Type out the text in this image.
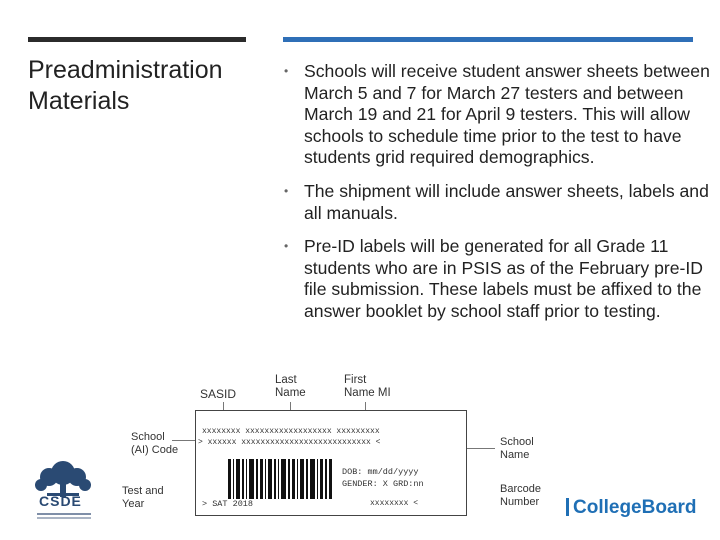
Preadministration Materials
• Schools will receive student answer sheets between March 5 and 7 for March 27 testers and between March 19 and 21 for April 9 testers. This will allow schools to schedule time prior to the test to have students grid required demographics.
• The shipment will include answer sheets, labels and all manuals.
• Pre-ID labels will be generated for all Grade 11 students who are in PSIS as of the February pre-ID file submission. These labels must be affixed to the answer booklet by school staff prior to testing.
SASID
Last
Name
First
Name MI
School
(AI) Code
Test and
Year
School
Name
Barcode
Number
xxxxxxxx xxxxxxxxxxxxxxxxxx xxxxxxxxx
> xxxxxx xxxxxxxxxxxxxxxxxxxxxxxxxxx <
DOB: mm/dd/yyyy
GENDER: X GRD:nn
> SAT 2018	xxxxxxxx <
CSDE	CollegeBoard
